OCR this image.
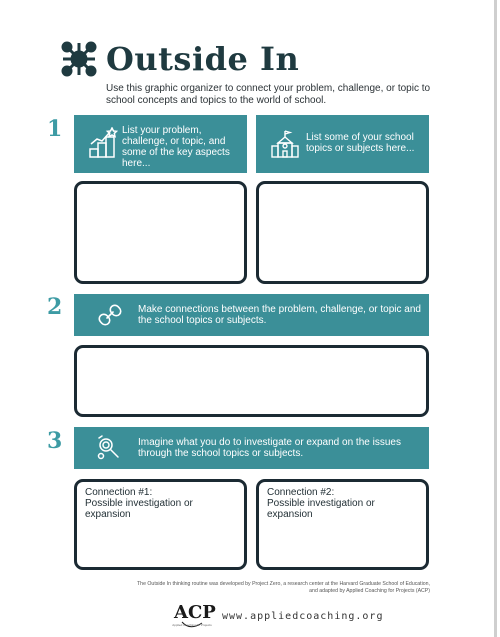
Outside In
Use this graphic organizer to connect your problem, challenge, or topic to school concepts and topics to the world of school.
1	List your problem, challenge, or topic, and some of the key aspects here...
List some of your school topics or subjects here...
2	Make connections between the problem, challenge, or topic and the school topics or subjects.
3	Imagine what you do to investigate or expand on the issues through the school topics or subjects.
Connection #1:
Possible investigation or expansion
Connection #2:
Possible investigation or expansion
The Outside In thinking routine was developed by Project Zero, a research center at the Harvard Graduate School of Education,
and adapted by Applied Coaching for Projects (ACP)
ACP
Applied Coaching for Projects
www.appliedcoaching.org
